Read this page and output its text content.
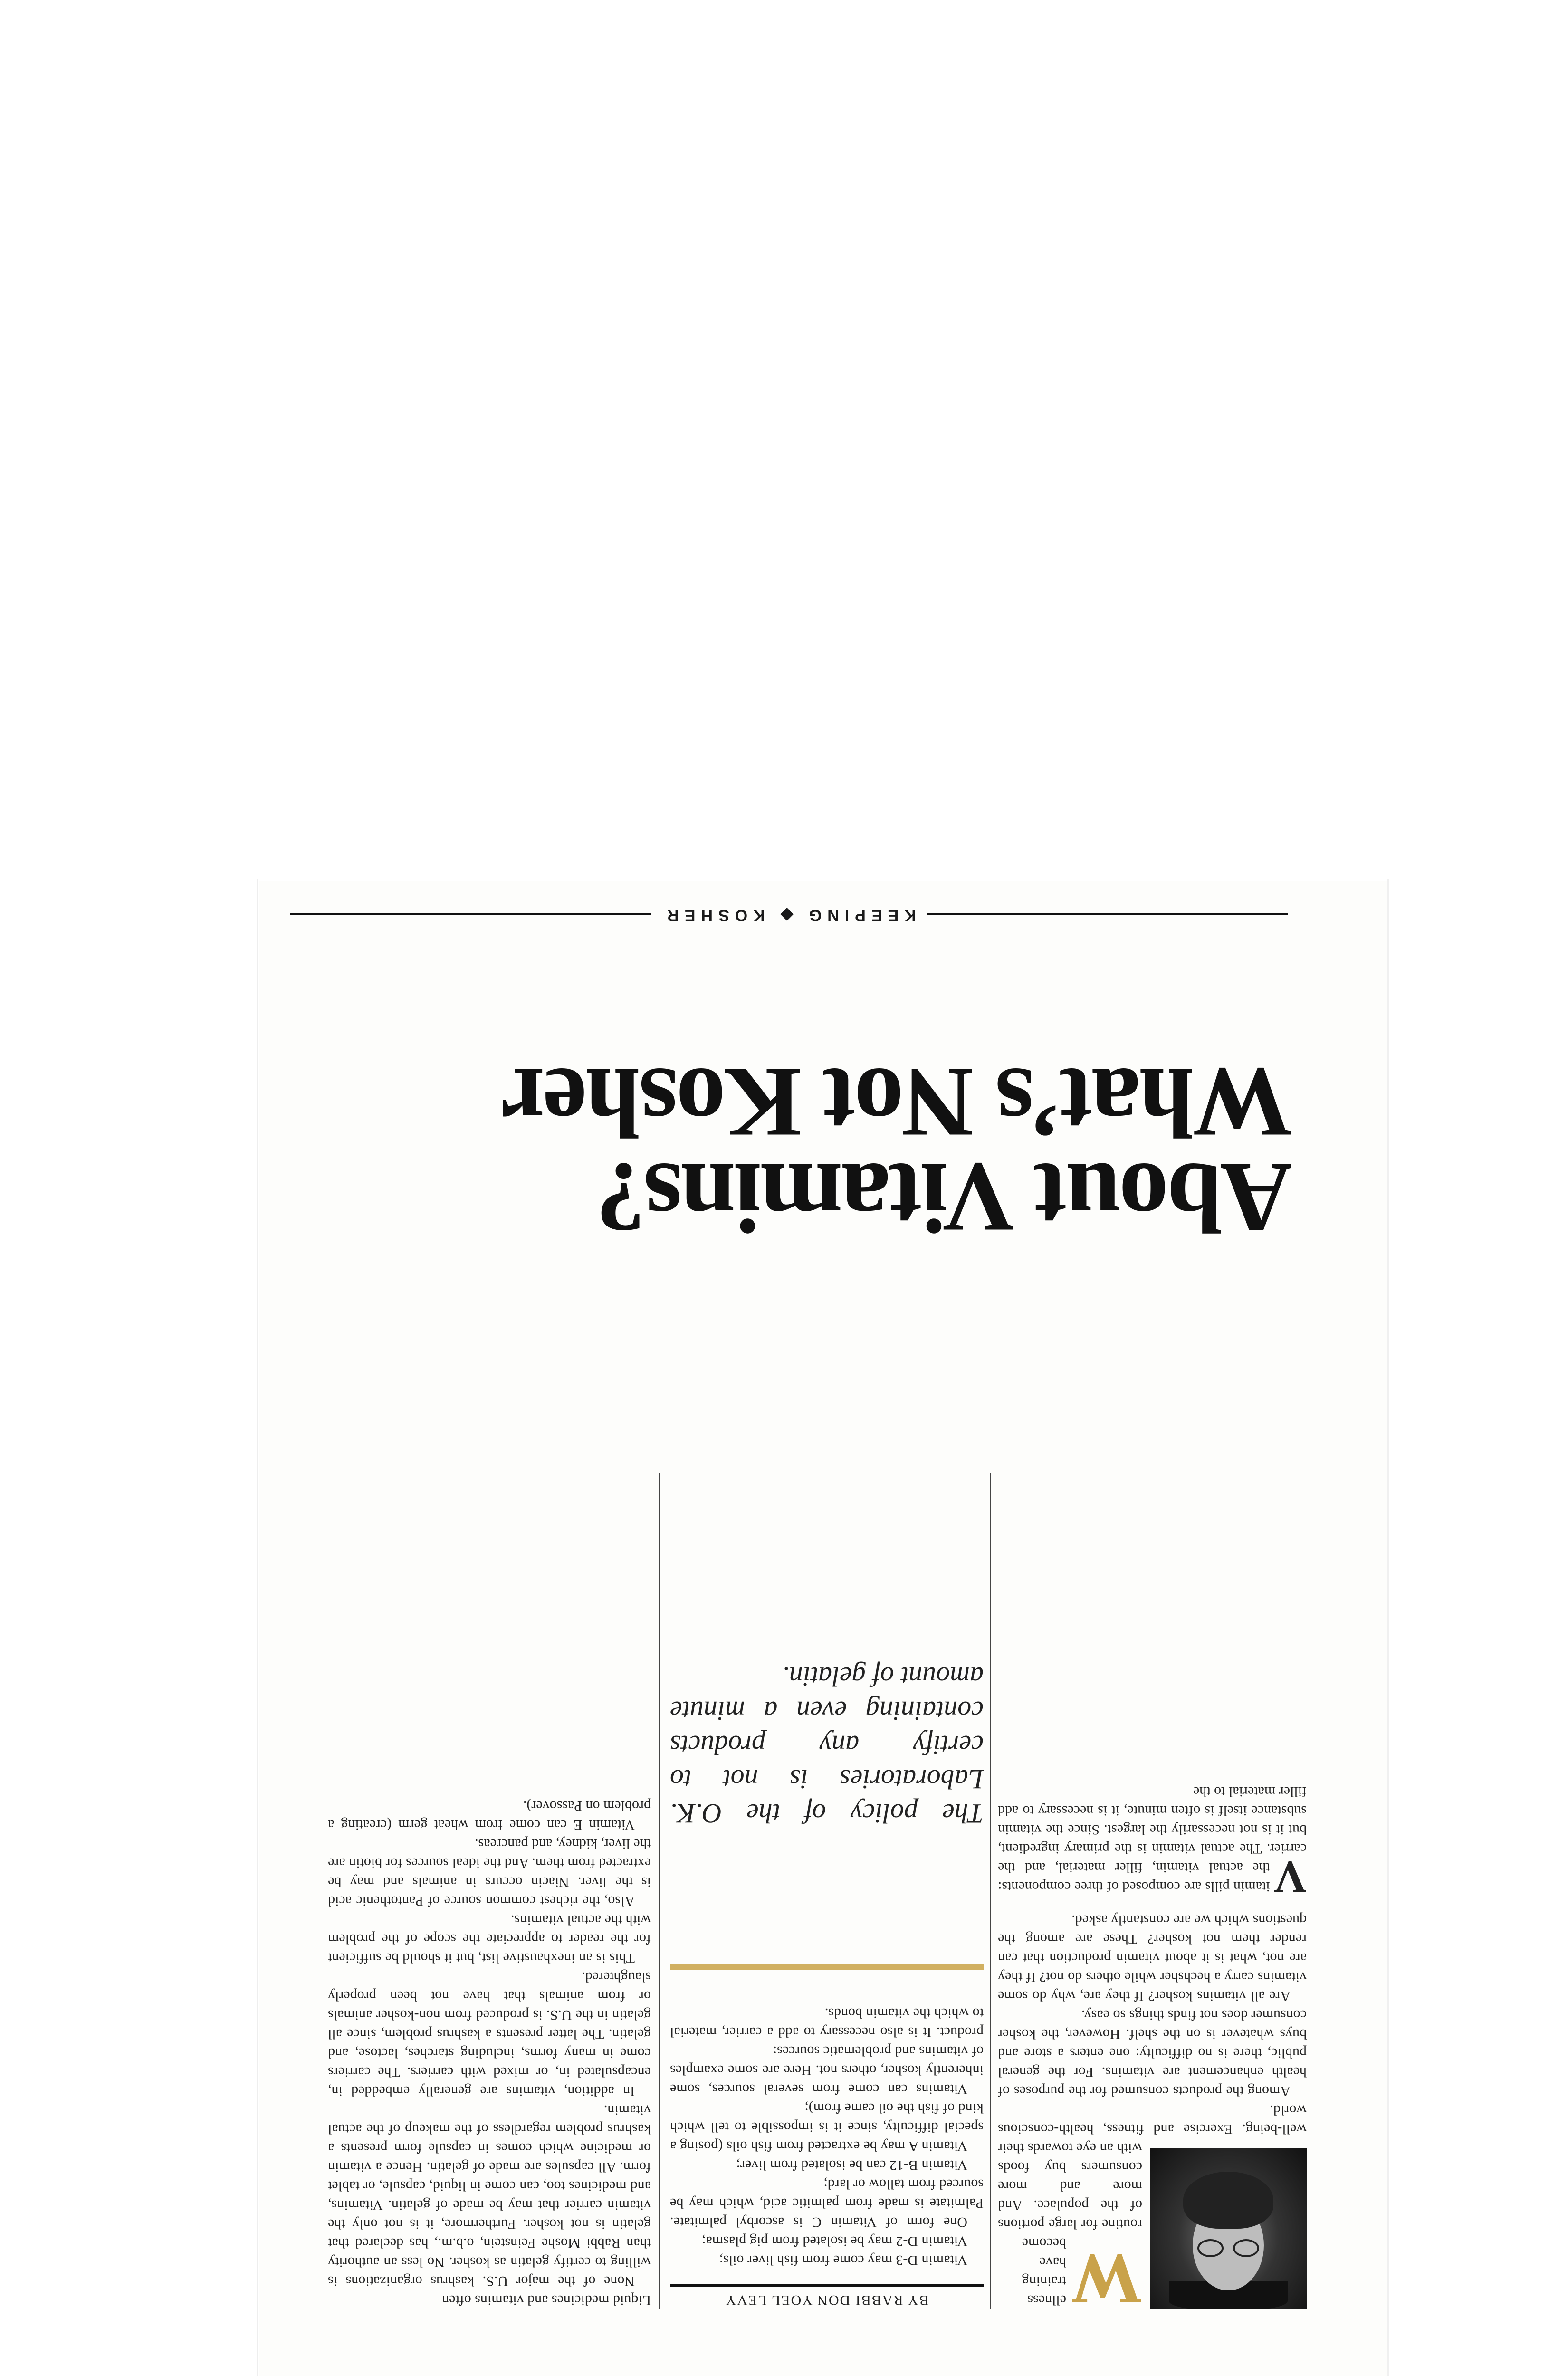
W
ellness training have become routine for large portions of the populace. And more and more consumers buy foods with an eye towards their well-being. Exercise and fitness, health-conscious world.

Among the products consumed for the purposes of health enhancement are vitamins. For the general public, there is no difficulty: one enters a store and buys whatever is on the shelf. However, the kosher consumer does not finds things so easy.

Are all vitamins kosher? If they are, why do some vitamins carry a hechsher while others do not? If they are not, what is it about vitamin production that can render them not kosher? These are among the questions which we are constantly asked.

V
itamin pills are composed of three components: the actual vitamin, filler material, and the carrier. The actual vitamin is the primary ingredient, but it is not necessarily the largest. Since the vitamin substance itself is often minute, it is necessary to add filler material to the

BY RABBI DON YOEL LEVY

Vitamin D-3 may come from fish liver oils;

Vitamin D-2 may be isolated from pig plasma;

One form of Vitamin C is ascorbyl palmitate. Palmitate is made from palmitic acid, which may be sourced from tallow or lard;

Vitamin B-12 can be isolated from liver;

Vitamin A may be extracted from fish oils (posing a special difficulty, since it is impossible to tell which kind of fish the oil came from);

Vitamins can come from several sources, some inherently kosher, others not. Here are some examples of vitamins and problematic sources:

product. It is also necessary to add a carrier, material to which the vitamin bonds.

The policy of the O.K. Laboratories is not to certify any products containing even a minute amount of gelatin.

Liquid medicines and vitamins often

None of the major U.S. kashrus organizations is willing to certify gelatin as kosher. No less an authority than Rabbi Moshe Feinstein, o.b.m., has declared that gelatin is not kosher. Furthermore, it is not only the vitamin carrier that may be made of gelatin. Vitamins, and medicines too, can come in liquid, capsule, or tablet form. All capsules are made of gelatin. Hence a vitamin or medicine which comes in capsule form presents a kashrus problem regardless of the makeup of the actual vitamin.

In addition, vitamins are generally embedded in, encapsulated in, or mixed with carriers. The carriers come in many forms, including starches, lactose, and gelatin. The latter presents a kashrus problem, since all gelatin in the U.S. is produced from non-kosher animals or from animals that have not been properly slaughtered.

This is an inexhaustive list, but it should be sufficient for the reader to appreciate the scope of the problem with the actual vitamins.

Also, the richest common source of Pantothenic acid is the liver. Niacin occurs in animals and may be extracted from them. And the ideal sources for biotin are the liver, kidney, and pancreas.

Vitamin E can come from wheat germ (creating a problem on Passover).

About Vitamins?
What’s Not Kosher
KEEPING ◆ KOSHER
